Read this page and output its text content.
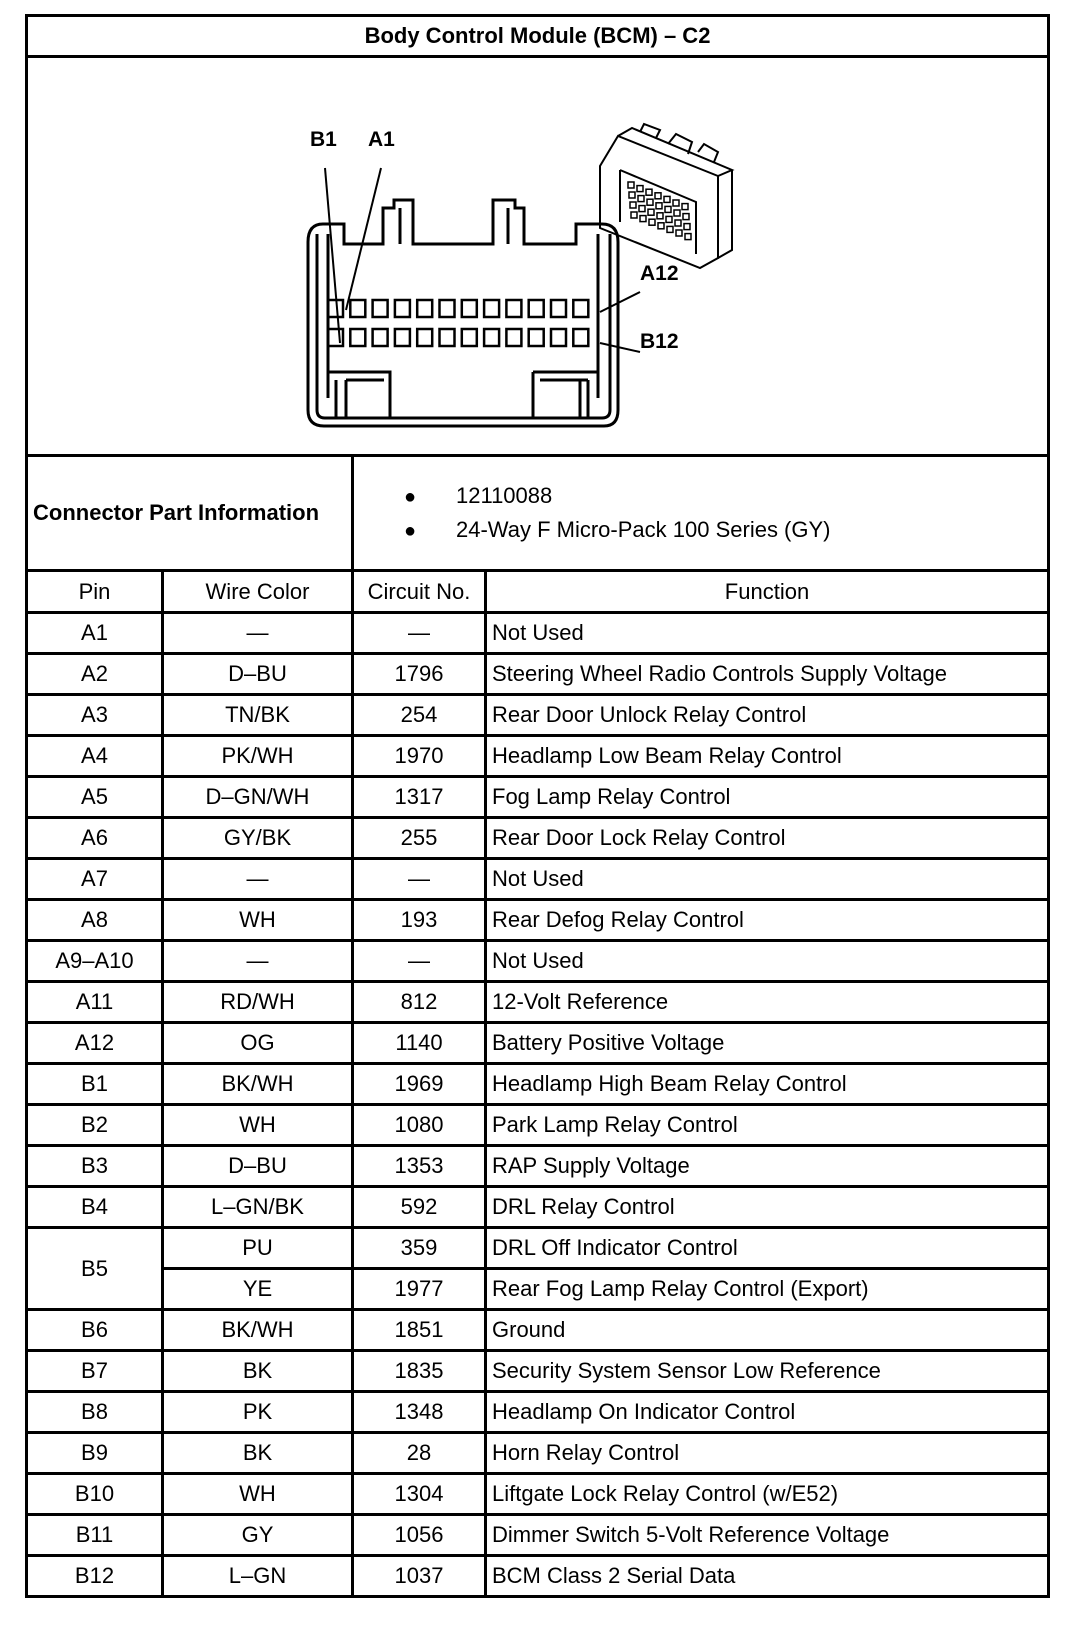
Body Control Module (BCM) – C2			

B1 A1
A12
B12			

Connector Part Information		● 12110088
● 24-Way F Micro-Pack 100 Series (GY)	

Pin	Wire Color	Circuit No.	Function
A1	—	—	Not Used
A2	D–BU	1796	Steering Wheel Radio Controls Supply Voltage
A3	TN/BK	254	Rear Door Unlock Relay Control
A4	PK/WH	1970	Headlamp Low Beam Relay Control
A5	D–GN/WH	1317	Fog Lamp Relay Control
A6	GY/BK	255	Rear Door Lock Relay Control
A7	—	—	Not Used
A8	WH	193	Rear Defog Relay Control
A9–A10	—	—	Not Used
A11	RD/WH	812	12-Volt Reference
A12	OG	1140	Battery Positive Voltage
B1	BK/WH	1969	Headlamp High Beam Relay Control
B2	WH	1080	Park Lamp Relay Control
B3	D–BU	1353	RAP Supply Voltage
B4	L–GN/BK	592	DRL Relay Control
B5	PU	359	DRL Off Indicator Control
	YE	1977	Rear Fog Lamp Relay Control (Export)
B6	BK/WH	1851	Ground
B7	BK	1835	Security System Sensor Low Reference
B8	PK	1348	Headlamp On Indicator Control
B9	BK	28	Horn Relay Control
B10	WH	1304	Liftgate Lock Relay Control (w/E52)
B11	GY	1056	Dimmer Switch 5-Volt Reference Voltage
B12	L–GN	1037	BCM Class 2 Serial Data
